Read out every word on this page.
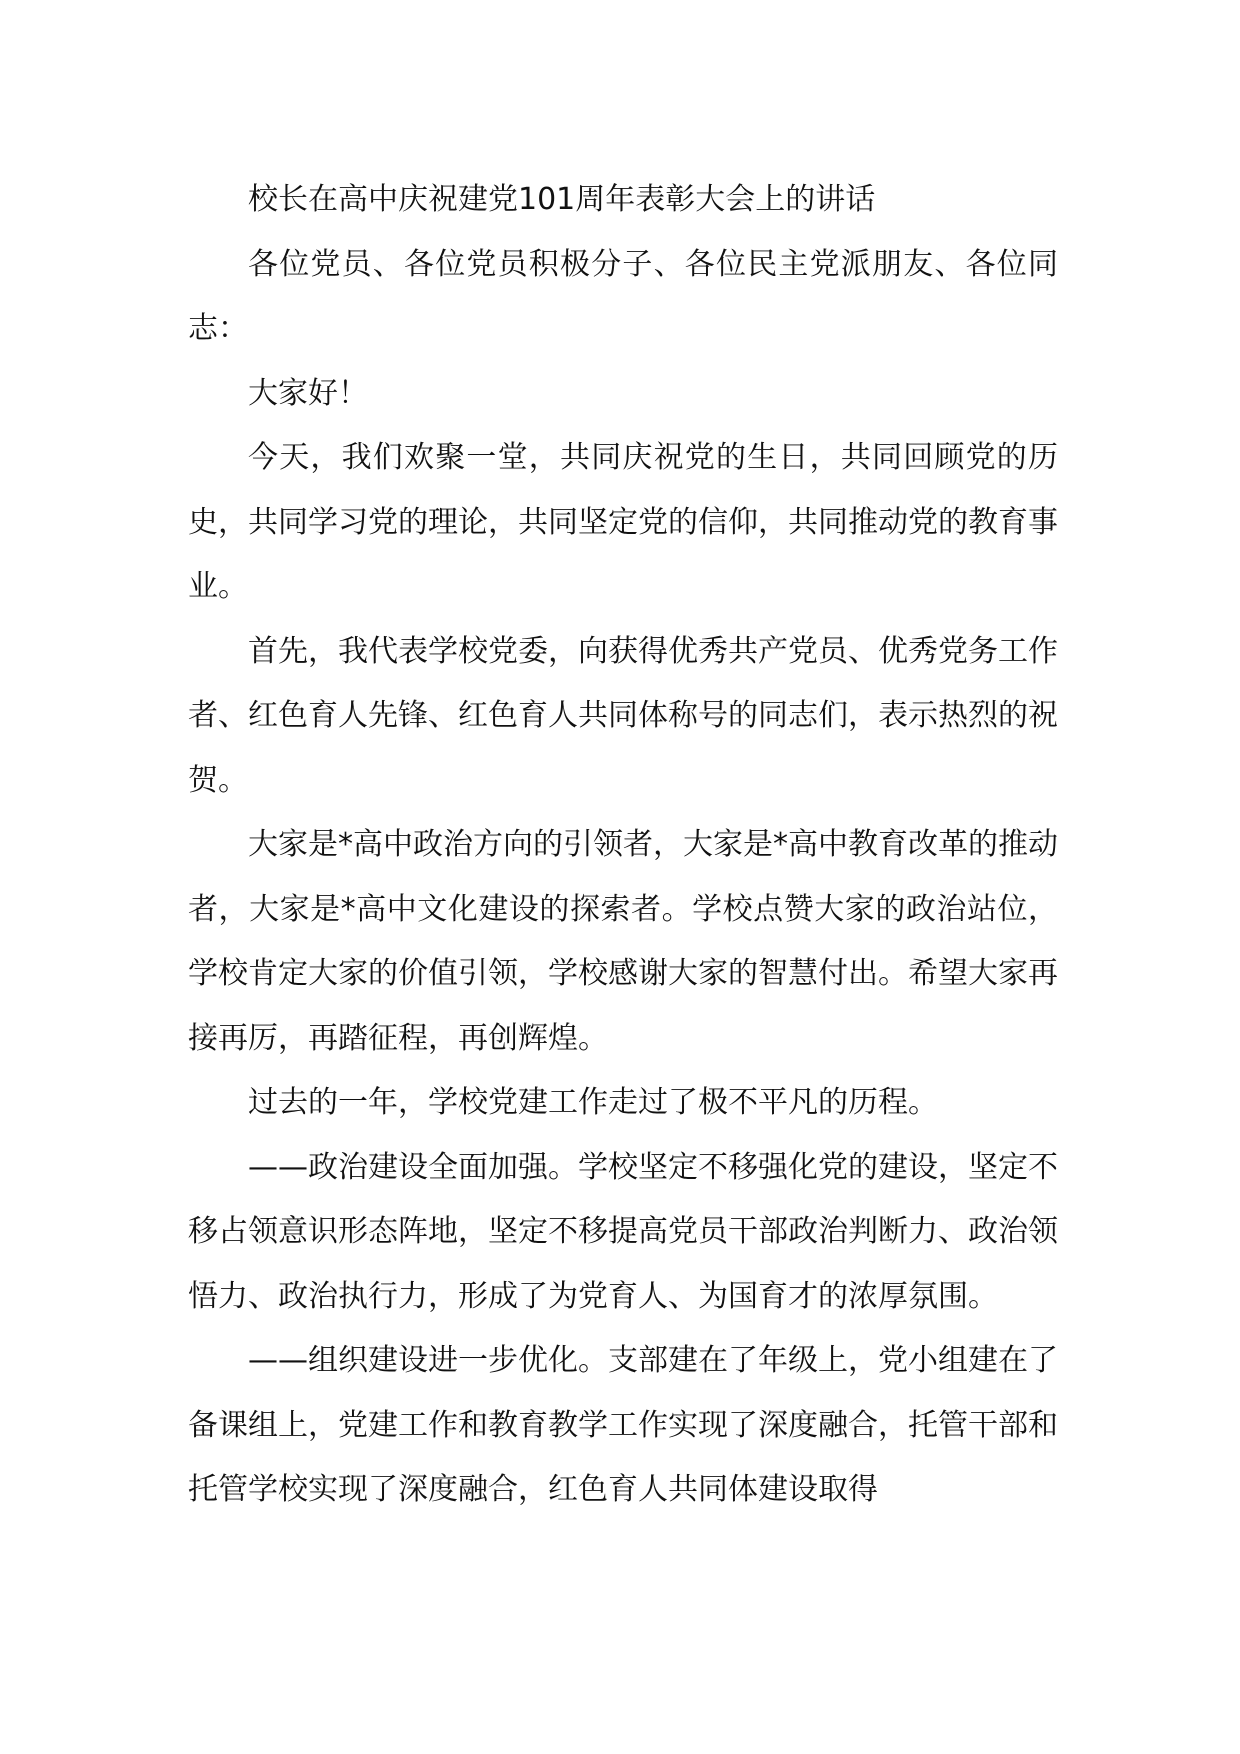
校长在高中庆祝建党101周年表彰大会上的讲话

各位党员、各位党员积极分子、各位民主党派朋友、各位同志：

大家好！

今天，我们欢聚一堂，共同庆祝党的生日，共同回顾党的历史，共同学习党的理论，共同坚定党的信仰，共同推动党的教育事业。

首先，我代表学校党委，向获得优秀共产党员、优秀党务工作者、红色育人先锋、红色育人共同体称号的同志们，表示热烈的祝贺。

大家是*高中政治方向的引领者，大家是*高中教育改革的推动者，大家是*高中文化建设的探索者。学校点赞大家的政治站位，学校肯定大家的价值引领，学校感谢大家的智慧付出。希望大家再接再厉，再踏征程，再创辉煌。

过去的一年，学校党建工作走过了极不平凡的历程。

——政治建设全面加强。学校坚定不移强化党的建设，坚定不移占领意识形态阵地，坚定不移提高党员干部政治判断力、政治领悟力、政治执行力，形成了为党育人、为国育才的浓厚氛围。

——组织建设进一步优化。支部建在了年级上，党小组建在了备课组上，党建工作和教育教学工作实现了深度融合，托管干部和托管学校实现了深度融合，红色育人共同体建设取得
